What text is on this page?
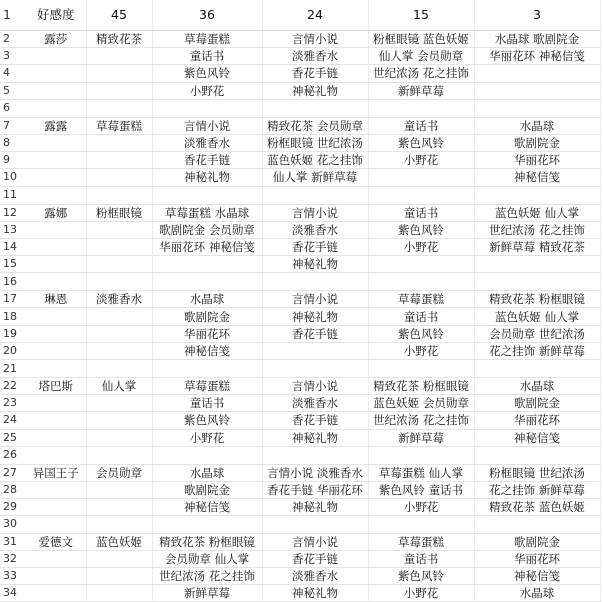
1	好感度	45	36	24	15	3
2	露莎	精致花茶	草莓蛋糕	言情小说	粉框眼镜 蓝色妖姬	水晶球 歌剧院金
3			童话书	淡雅香水	仙人掌 会员勋章	华丽花环 神秘信笺
4			紫色风铃	香花手链	世纪浓汤 花之挂饰	
5			小野花	神秘礼物	新鲜草莓	
6						
7	露露	草莓蛋糕	言情小说	精致花茶 会员勋章	童话书	水晶球
8			淡雅香水	粉框眼镜 世纪浓汤	紫色风铃	歌剧院金
9			香花手链	蓝色妖姬 花之挂饰	小野花	华丽花环
10			神秘礼物	仙人掌 新鲜草莓		神秘信笺
11						
12	露娜	粉框眼镜	草莓蛋糕 水晶球	言情小说	童话书	蓝色妖姬 仙人掌
13			歌剧院金 会员勋章	淡雅香水	紫色风铃	世纪浓汤 花之挂饰
14			华丽花环 神秘信笺	香花手链	小野花	新鲜草莓 精致花茶
15				神秘礼物		
16						
17	琳恩	淡雅香水	水晶球	言情小说	草莓蛋糕	精致花茶 粉框眼镜
18			歌剧院金	神秘礼物	童话书	蓝色妖姬 仙人掌
19			华丽花环	香花手链	紫色风铃	会员勋章 世纪浓汤
20			神秘信笺		小野花	花之挂饰 新鲜草莓
21						
22	塔巴斯	仙人掌	草莓蛋糕	言情小说	精致花茶 粉框眼镜	水晶球
23			童话书	淡雅香水	蓝色妖姬 会员勋章	歌剧院金
24			紫色风铃	香花手链	世纪浓汤 花之挂饰	华丽花环
25			小野花	神秘礼物	新鲜草莓	神秘信笺
26						
27	异国王子	会员勋章	水晶球	言情小说 淡雅香水	草莓蛋糕 仙人掌	粉框眼镜 世纪浓汤
28			歌剧院金	香花手链 华丽花环	紫色风铃 童话书	花之挂饰 新鲜草莓
29			神秘信笺	神秘礼物	小野花	精致花茶 蓝色妖姬
30						
31	爱德文	蓝色妖姬	精致花茶 粉框眼镜	言情小说	草莓蛋糕	歌剧院金
32			会员勋章 仙人掌	香花手链	童话书	华丽花环
33			世纪浓汤 花之挂饰	淡雅香水	紫色风铃	神秘信笺
34			新鲜草莓	神秘礼物	小野花	水晶球
